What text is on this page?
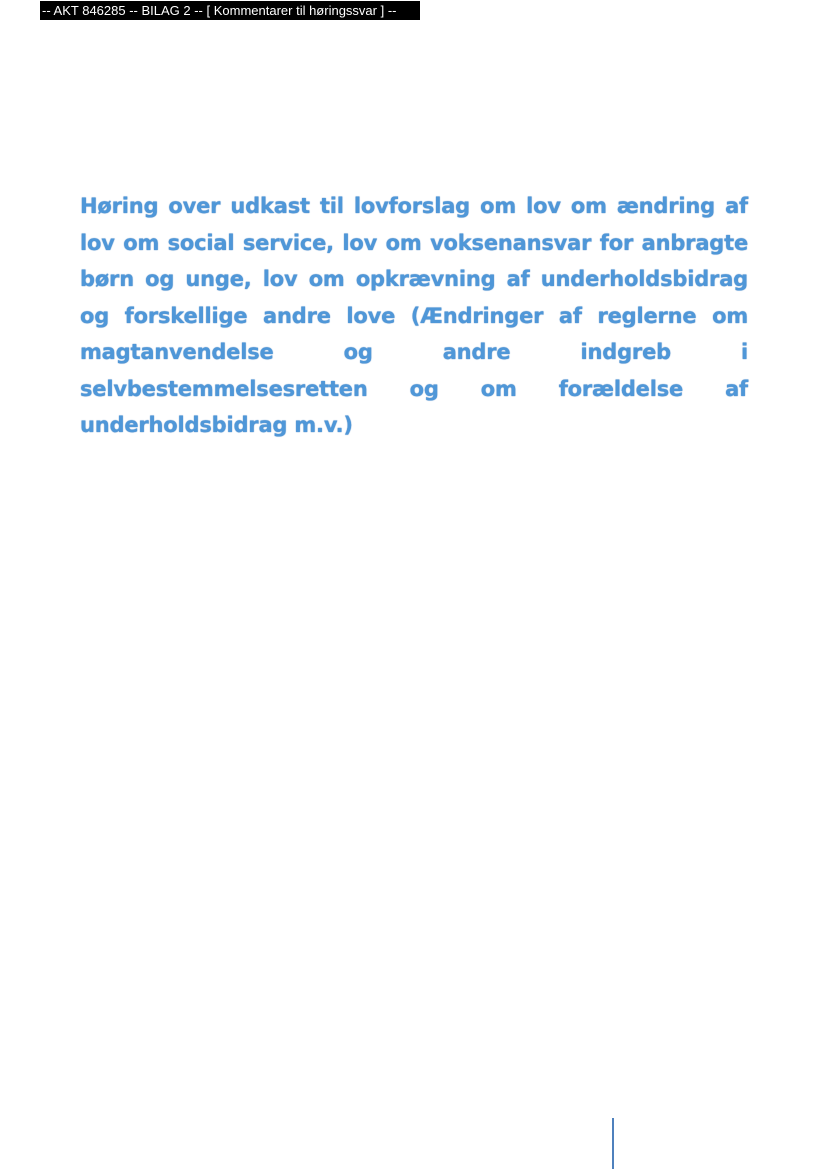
-- AKT 846285 -- BILAG 2 -- [ Kommentarer til høringssvar ] --
Høring over udkast til lovforslag om lov om ændring af lov om social service, lov om voksenansvar for anbragte børn og unge, lov om opkrævning af underholdsbidrag og forskellige andre love (Ændringer af reglerne om magtanvendelse og andre indgreb i selvbestemmelsesretten og om forældelse af underholdsbidrag m.v.)
